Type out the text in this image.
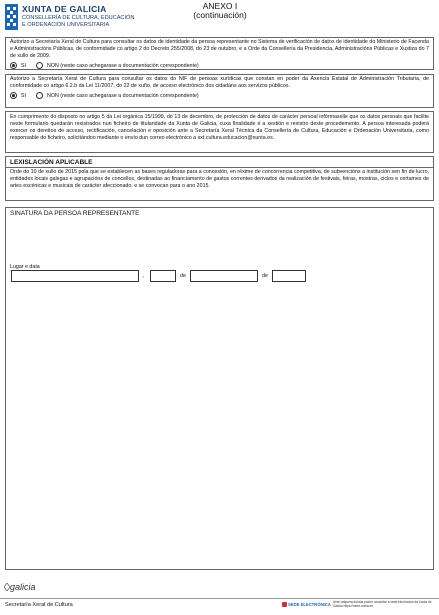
XUNTA DE GALICIA
CONSELLERÍA DE CULTURA, EDUCACIÓN
E ORDENACIÓN UNIVERSITARIA
ANEXO I
(continuación)
Autorizo a Secretaría Xeral de Cultura para consultar os datos de identidade da persoa representante no Sistema de verificación de datos de identidade do Ministerio de Facenda e Administracións Públicas, de conformidade co artigo 2 do Decreto 255/2008, do 23 de outubro, e a Orde da Consellería da Presidencia, Administracións Públicas e Xustiza do 7 de xullo de 2009.
SI	NON (neste caso achegarase a documentación correspondente)
Autorizo a Secretaría Xeral de Cultura para consultar os datos do NIF de persoas xurídicas que constan en poder da Axencia Estatal de Administración Tributaria, de conformidade co artigo 6.2.b da Lei 11/2007, do 22 de xuño, de acceso electrónico dos cidadáns aos servizos públicos.
SI	NON (neste caso achegarase a documentación correspondente)
En cumprimento do disposto no artigo 5 da Lei orgánica 15/1999, do 13 de decembro, de protección de datos de carácter persoal infórmaselle que os datos persoais que facilite neste formulario quedarán rexistrados nun ficheiro de titularidade da Xunta de Galicia, cuxa finalidade é a xestión e rexistro deste procedemento. A persoa interesada poderá exercer os dereitos de acceso, rectificación, cancelación e oposición ante a Secretaría Xeral Técnica da Consellería de Cultura, Educación e Ordenación Universitaria, como responsable do ficheiro, solicitándoo mediante o envío dun correo electrónico a sxt.cultura.educacion@xunta.es.
LEXISLACIÓN APLICABLE
Orde do 10 de xullo de 2015 pola que se establecen as bases reguladoras para a concesión, en réxime de concorrencia competitiva, de subvencións a institución sen fin de lucro, entidades locais galegas e agrupacións de concellos, destinadas ao financiamento de gastos correntes derivados da realización de festivais, feiras, mostras, ciclos e certames de artes escénicas e musicais de carácter afeccionado, e se convocan para o ano 2015.
SINATURA DA PERSOA REPRESENTANTE
Lugar e data
,	de	de
galicia
Secretaría Xeral de Cultura	SEDE ELECTRÓNICA Ante calquera dúbida poden consultar a sede electrónica da Xunta de Galicia https://sede.xunta.es
